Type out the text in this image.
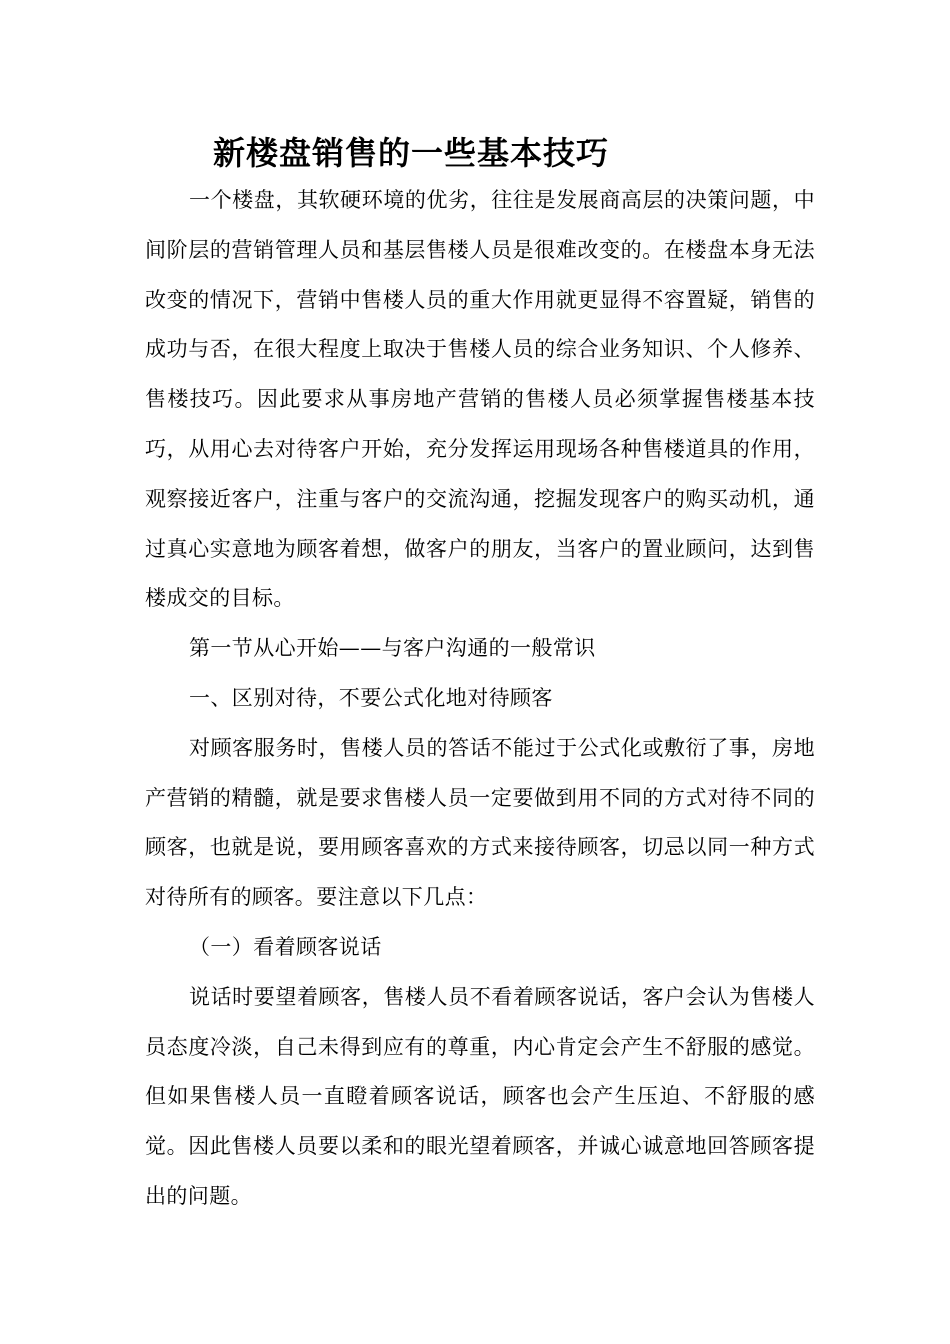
新楼盘销售的一些基本技巧

一个楼盘，其软硬环境的优劣，往往是发展商高层的决策问题，中间阶层的营销管理人员和基层售楼人员是很难改变的。在楼盘本身无法改变的情况下，营销中售楼人员的重大作用就更显得不容置疑，销售的成功与否，在很大程度上取决于售楼人员的综合业务知识、个人修养、售楼技巧。因此要求从事房地产营销的售楼人员必须掌握售楼基本技巧，从用心去对待客户开始，充分发挥运用现场各种售楼道具的作用，观察接近客户，注重与客户的交流沟通，挖掘发现客户的购买动机，通过真心实意地为顾客着想，做客户的朋友，当客户的置业顾问，达到售楼成交的目标。

第一节从心开始——与客户沟通的一般常识

一、区别对待，不要公式化地对待顾客

对顾客服务时，售楼人员的答话不能过于公式化或敷衍了事，房地产营销的精髓，就是要求售楼人员一定要做到用不同的方式对待不同的顾客，也就是说，要用顾客喜欢的方式来接待顾客，切忌以同一种方式对待所有的顾客。要注意以下几点：

（一）看着顾客说话

说话时要望着顾客，售楼人员不看着顾客说话，客户会认为售楼人员态度冷淡，自己未得到应有的尊重，内心肯定会产生不舒服的感觉。但如果售楼人员一直瞪着顾客说话，顾客也会产生压迫、不舒服的感觉。因此售楼人员要以柔和的眼光望着顾客，并诚心诚意地回答顾客提出的问题。
